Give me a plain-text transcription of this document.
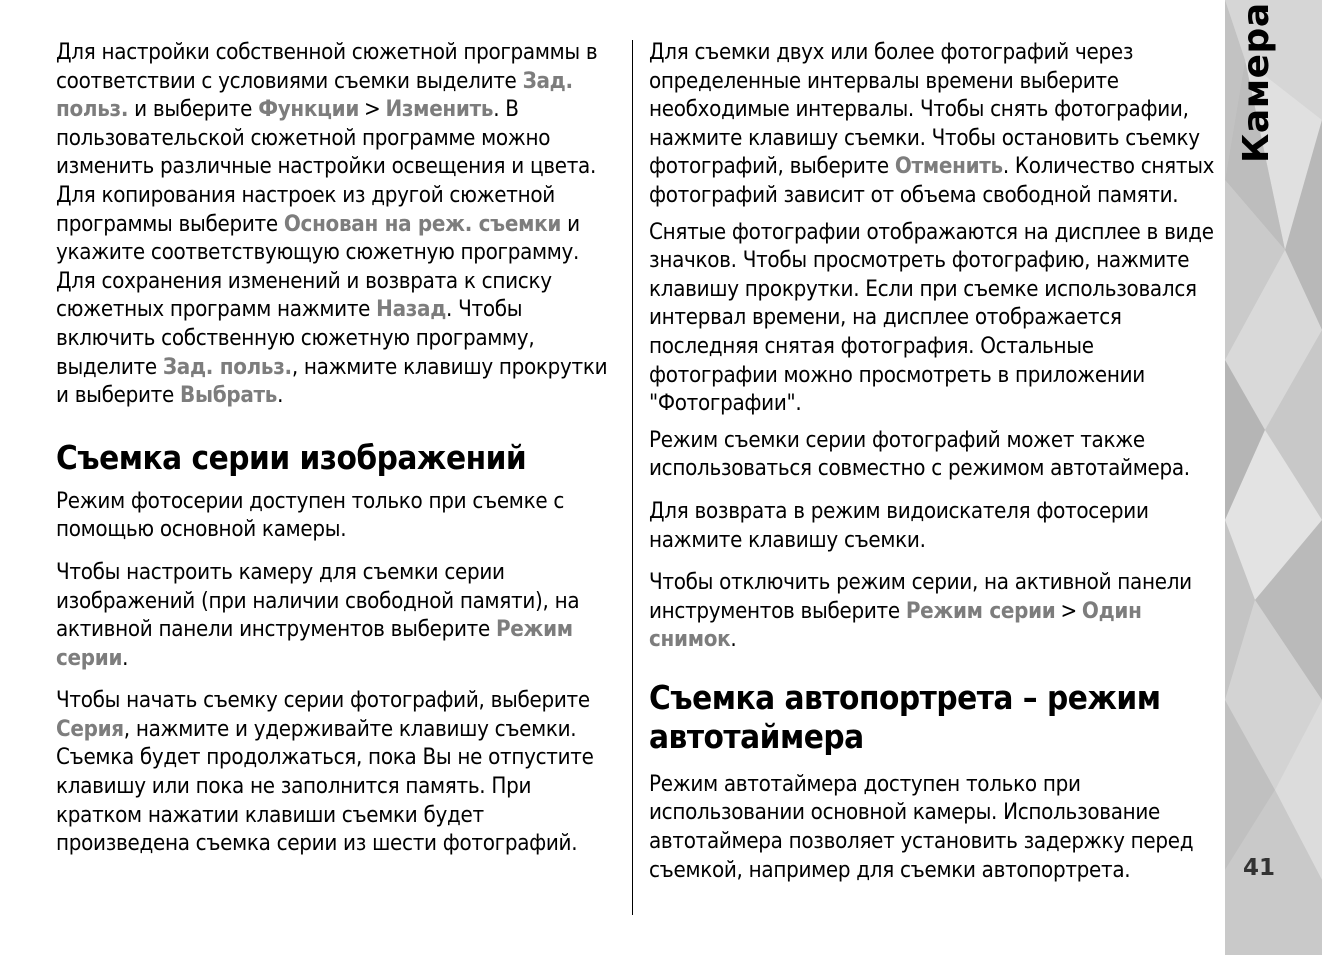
Для настройки собственной сюжетной программы в соответствии с условиями съемки выделите Зад. польз. и выберите Функции > Изменить. В пользовательской сюжетной программе можно изменить различные настройки освещения и цвета. Для копирования настроек из другой сюжетной программы выберите Основан на реж. съемки и укажите соответствующую сюжетную программу. Для сохранения изменений и возврата к списку сюжетных программ нажмите Назад. Чтобы включить собственную сюжетную программу, выделите Зад. польз., нажмите клавишу прокрутки и выберите Выбрать.

Съемка серии изображений

Режим фотосерии доступен только при съемке с помощью основной камеры.

Чтобы настроить камеру для съемки серии изображений (при наличии свободной памяти), на активной панели инструментов выберите Режим серии.

Чтобы начать съемку серии фотографий, выберите Серия, нажмите и удерживайте клавишу съемки. Съемка будет продолжаться, пока Вы не отпустите клавишу или пока не заполнится память. При кратком нажатии клавиши съемки будет произведена съемка серии из шести фотографий.

Для съемки двух или более фотографий через определенные интервалы времени выберите необходимые интервалы. Чтобы снять фотографии, нажмите клавишу съемки. Чтобы остановить съемку фотографий, выберите Отменить. Количество снятых фотографий зависит от объема свободной памяти.

Снятые фотографии отображаются на дисплее в виде значков. Чтобы просмотреть фотографию, нажмите клавишу прокрутки. Если при съемке использовался интервал времени, на дисплее отображается последняя снятая фотография. Остальные фотографии можно просмотреть в приложении "Фотографии".

Режим съемки серии фотографий может также использоваться совместно с режимом автотаймера.

Для возврата в режим видоискателя фотосерии нажмите клавишу съемки.

Чтобы отключить режим серии, на активной панели инструментов выберите Режим серии > Один снимок.

Съемка автопортрета – режим автотаймера

Режим автотаймера доступен только при использовании основной камеры. Использование автотаймера позволяет установить задержку перед съемкой, например для съемки автопортрета.

Камера
41
